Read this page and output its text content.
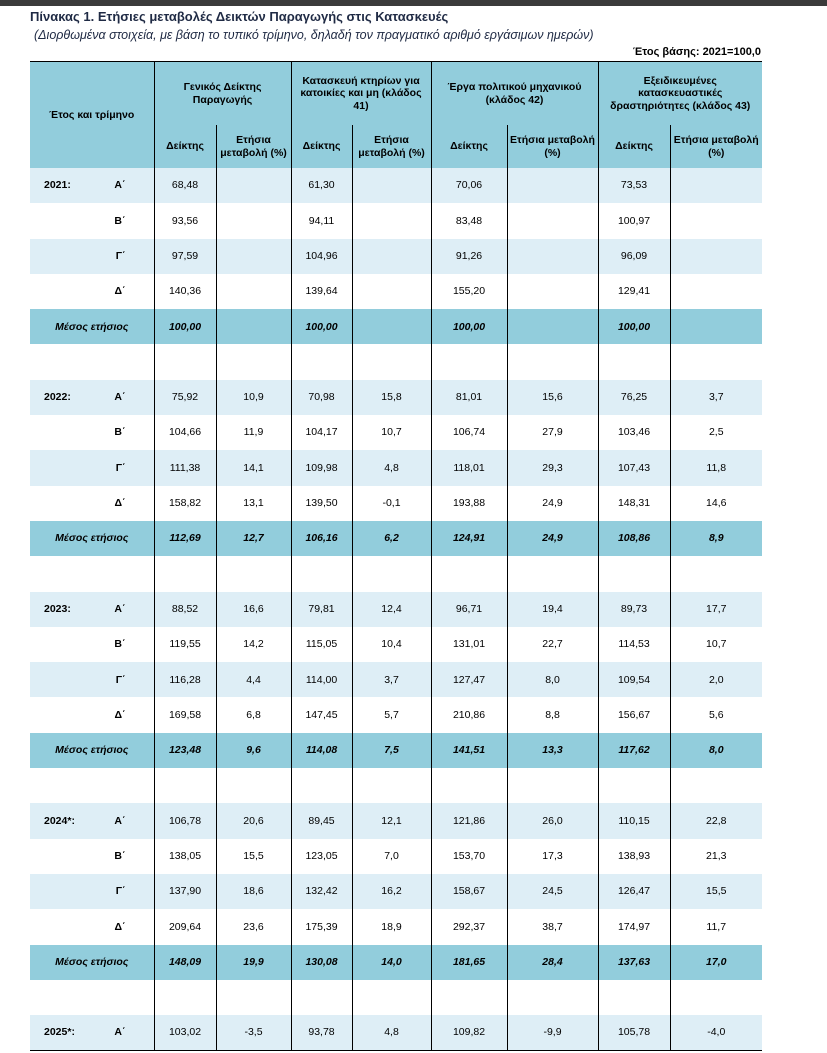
Πίνακας 1. Ετήσιες μεταβολές Δεικτών Παραγωγής στις Κατασκευές
(Διορθωμένα στοιχεία, με βάση το τυπικό τρίμηνο, δηλαδή τον πραγματικό αριθμό εργάσιμων ημερών)
Έτος βάσης: 2021=100,0
Έτος και τρίμηνο	Γενικός Δείκτης Παραγωγής		Κατασκευή κτηρίων για κατοικίες και μη (κλάδος 41)		Έργα πολιτικού μηχανικού (κλάδος 42)		Εξειδικευμένες κατασκευαστικές δραστηριότητες (κλάδος 43)	
	Δείκτης	Ετήσια μεταβολή (%)	Δείκτης	Ετήσια μεταβολή (%)	Δείκτης	Ετήσια μεταβολή (%)	Δείκτης	Ετήσια μεταβολή (%)

2021: Α΄	68,48		61,30		70,06		73,53	

Β΄	93,56		94,11		83,48		100,97	

Γ΄	97,59		104,96		91,26		96,09	

Δ΄	140,36		139,64		155,20		129,41	
Μέσος ετήσιος	100,00		100,00		100,00		100,00	

2022: Α΄	75,92	10,9	70,98	15,8	81,01	15,6	76,25	3,7

Β΄	104,66	11,9	104,17	10,7	106,74	27,9	103,46	2,5

Γ΄	111,38	14,1	109,98	4,8	118,01	29,3	107,43	11,8

Δ΄	158,82	13,1	139,50	-0,1	193,88	24,9	148,31	14,6
Μέσος ετήσιος	112,69	12,7	106,16	6,2	124,91	24,9	108,86	8,9

2023: Α΄	88,52	16,6	79,81	12,4	96,71	19,4	89,73	17,7

Β΄	119,55	14,2	115,05	10,4	131,01	22,7	114,53	10,7

Γ΄	116,28	4,4	114,00	3,7	127,47	8,0	109,54	2,0

Δ΄	169,58	6,8	147,45	5,7	210,86	8,8	156,67	5,6
Μέσος ετήσιος	123,48	9,6	114,08	7,5	141,51	13,3	117,62	8,0

2024*: Α΄	106,78	20,6	89,45	12,1	121,86	26,0	110,15	22,8

Β΄	138,05	15,5	123,05	7,0	153,70	17,3	138,93	21,3

Γ΄	137,90	18,6	132,42	16,2	158,67	24,5	126,47	15,5

Δ΄	209,64	23,6	175,39	18,9	292,37	38,7	174,97	11,7
Μέσος ετήσιος	148,09	19,9	130,08	14,0	181,65	28,4	137,63	17,0

2025*: Α΄	103,02	-3,5	93,78	4,8	109,82	-9,9	105,78	-4,0
